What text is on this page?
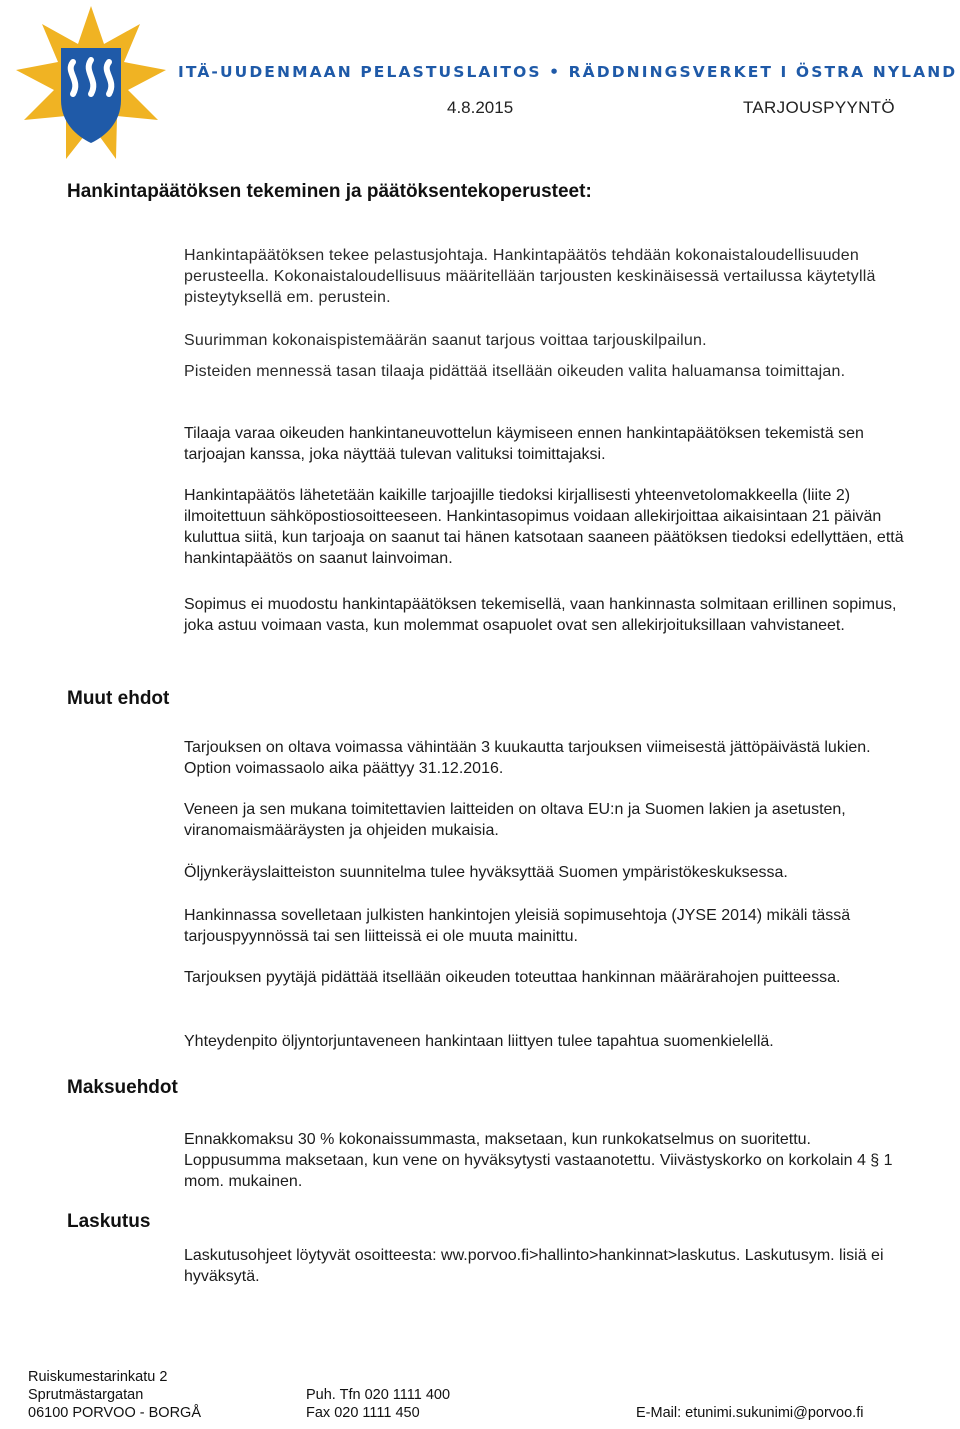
ITÄ-UUDENMAAN PELASTUSLAITOS • RÄDDNINGSVERKET I ÖSTRA NYLAND
4.8.2015	TARJOUSPYYNTÖ
Hankintapäätöksen tekeminen ja päätöksentekoperusteet:
Hankintapäätöksen tekee pelastusjohtaja. Hankintapäätös tehdään kokonaistaloudellisuuden perusteella. Kokonaistaloudellisuus määritellään tarjousten keskinäisessä vertailussa käytetyllä pisteytyksellä em. perustein.
Suurimman kokonaispistemäärän saanut tarjous voittaa tarjouskilpailun.
Pisteiden mennessä tasan tilaaja pidättää itsellään oikeuden valita haluamansa toimittajan.
Tilaaja varaa oikeuden hankintaneuvottelun käymiseen ennen hankintapäätöksen tekemistä sen tarjoajan kanssa, joka näyttää tulevan valituksi toimittajaksi.
Hankintapäätös lähetetään kaikille tarjoajille tiedoksi kirjallisesti yhteenvetolomakkeella (liite 2) ilmoitettuun sähköpostiosoitteeseen. Hankintasopimus voidaan allekirjoittaa aikaisintaan 21 päivän kuluttua siitä, kun tarjoaja on saanut tai hänen katsotaan saaneen päätöksen tiedoksi edellyttäen, että hankintapäätös on saanut lainvoiman.
Sopimus ei muodostu hankintapäätöksen tekemisellä, vaan hankinnasta solmitaan erillinen sopimus, joka astuu voimaan vasta, kun molemmat osapuolet ovat sen allekirjoituksillaan vahvistaneet.
Muut ehdot
Tarjouksen on oltava voimassa vähintään 3 kuukautta tarjouksen viimeisestä jättöpäivästä lukien. Option voimassaolo aika päättyy 31.12.2016.
Veneen ja sen mukana toimitettavien laitteiden on oltava EU:n ja Suomen lakien ja asetusten, viranomaismääräysten ja ohjeiden mukaisia.
Öljynkeräyslaitteiston suunnitelma tulee hyväksyttää Suomen ympäristökeskuksessa.
Hankinnassa sovelletaan julkisten hankintojen yleisiä sopimusehtoja (JYSE 2014) mikäli tässä tarjouspyynnössä tai sen liitteissä ei ole muuta mainittu.
Tarjouksen pyytäjä pidättää itsellään oikeuden toteuttaa hankinnan määrärahojen puitteessa.
Yhteydenpito öljyntorjuntaveneen hankintaan liittyen tulee tapahtua suomenkielellä.
Maksuehdot
Ennakkomaksu 30 % kokonaissummasta, maksetaan, kun runkokatselmus on suoritettu. Loppusumma maksetaan, kun vene on hyväksytysti vastaanotettu. Viivästyskorko on korkolain 4 § 1 mom. mukainen.
Laskutus
Laskutusohjeet löytyvät osoitteesta: ww.porvoo.fi>hallinto>hankinnat>laskutus. Laskutusym. lisiä ei hyväksytä.
Ruiskumestarinkatu 2
Sprutmästargatan
06100 PORVOO - BORGÅ
Puh. Tfn 020 1111 400
Fax 020 1111 450	E-Mail: etunimi.sukunimi@porvoo.fi
